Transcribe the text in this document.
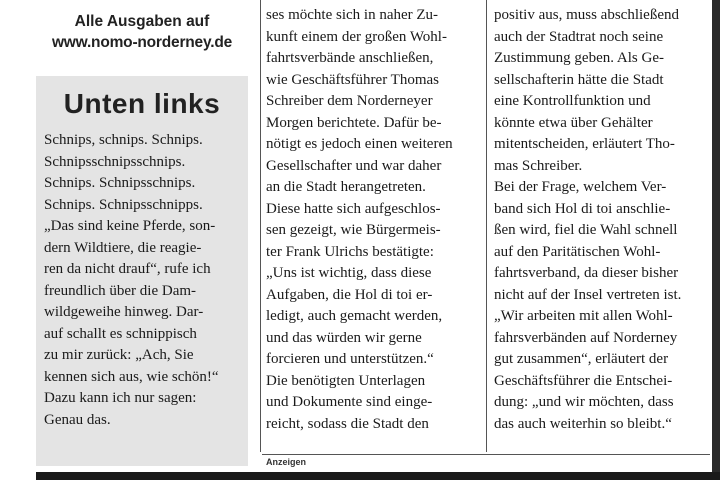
Alle Ausgaben auf
www.nomo-norderney.de
Unten links

Schnips, schnips. Schnips.
Schnipsschnipsschnips.
Schnips. Schnipsschnips.
Schnips. Schnipsschnipps.
„Das sind keine Pferde, son-
dern Wildtiere, die reagie-
ren da nicht drauf“, rufe ich
freundlich über die Dam-
wildgeweihe hinweg. Dar-
auf schallt es schnippisch
zu mir zurück: „Ach, Sie
kennen sich aus, wie schön!“
Dazu kann ich nur sagen:
Genau das.

ses möchte sich in naher Zu-
kunft einem der großen Wohl-
fahrtsverbände anschließen,
wie Geschäftsführer Thomas
Schreiber dem Norderneyer
Morgen berichtete. Dafür be-
nötigt es jedoch einen weiteren
Gesellschafter und war daher
an die Stadt herangetreten.
Diese hatte sich aufgeschlos-
sen gezeigt, wie Bürgermeis-
ter Frank Ulrichs bestätigte:
„Uns ist wichtig, dass diese
Aufgaben, die Hol di toi er-
ledigt, auch gemacht werden,
und das würden wir gerne
forcieren und unterstützen.“
Die benötigten Unterlagen
und Dokumente sind einge-
reicht, sodass die Stadt den
positiv aus, muss abschließend
auch der Stadtrat noch seine
Zustimmung geben. Als Ge-
sellschafterin hätte die Stadt
eine Kontrollfunktion und
könnte etwa über Gehälter
mitentscheiden, erläutert Tho-
mas Schreiber.
Bei der Frage, welchem Ver-
band sich Hol di toi anschlie-
ßen wird, fiel die Wahl schnell
auf den Paritätischen Wohl-
fahrtsverband, da dieser bisher
nicht auf der Insel vertreten ist.
„Wir arbeiten mit allen Wohl-
fahrsverbänden auf Norderney
gut zusammen“, erläutert der
Geschäftsführer die Entschei-
dung: „und wir möchten, dass
das auch weiterhin so bleibt.“
Anzeigen
